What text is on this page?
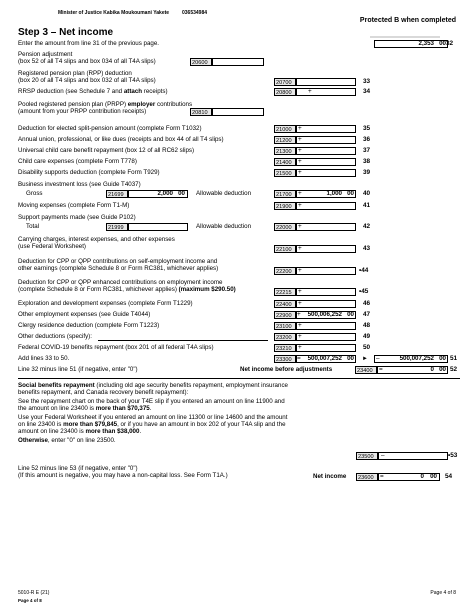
Minister of Justice Kabika Moukoumani Yakete	036534984
Protected B when completed
Step 3 – Net income
Enter the amount from line 31 of the previous page.	2,353 00 32
Pension adjustment
(box 52 of all T4 slips and box 034 of all T4A slips)	20600
Registered pension plan (RPP) deduction
(box 20 of all T4 slips and box 032 of all T4A slips)	20700	33
RRSP deduction (see Schedule 7 and attach receipts)	20800	+	34
Pooled registered pension plan (PRPP) employer contributions
(amount from your PRPP contribution receipts)	20810
Deduction for elected split-pension amount (complete Form T1032)	21000	+	35
Annual union, professional, or like dues (receipts and box 44 of all T4 slips)	21200	+	36
Universal child care benefit repayment (box 12 of all RC62 slips)	21300	+	37
Child care expenses (complete Form T778)	21400	+	38
Disability supports deduction (complete Form T929)	21500	+	39
Business investment loss (see Guide T4037)
Gross	21699	2,000 00 Allowable deduction	21700	+	1,000 00 40
Moving expenses (complete Form T1-M)	21900	+	41
Support payments made (see Guide P102)
Total	21999	Allowable deduction	22000	+	42
Carrying charges, interest expenses, and other expenses
(use Federal Worksheet)	22100	+	43
Deduction for CPP or QPP contributions on self-employment income and
other earnings (complete Schedule 8 or Form RC381, whichever applies)	22200	+	•44
Deduction for CPP or QPP enhanced contributions on employment income
(complete Schedule 8 or Form RC381, whichever applies) (maximum $290.50)	22215	+	•45
Exploration and development expenses (complete Form T1229)	22400	+	46
Other employment expenses (see Guide T4044)	22900 +	500,006,252 00 47
Clergy residence deduction (complete Form T1223)	23100	+	48
Other deductions (specify):	23200	+	49
Federal COVID-19 benefits repayment (box 201 of all federal T4A slips)	23210	+	50
Add lines 33 to 50.	23300 =	500,007,252 00 ► –	500,007,252 00 51
Line 32 minus line 51 (if negative, enter "0")	Net income before adjustments	23400	=	0 00 52
Social benefits repayment (including old age security benefits repayment, employment insurance
benefits repayment, and Canada recovery benefit repayment):
See the repayment chart on the back of your T4E slip if you entered an amount on line 11900 and
the amount on line 23400 is more than $70,375.
Use your Federal Worksheet if you entered an amount on line 11300 or line 14600 and the amount
on line 23400 is more than $79,845, or if you have an amount in box 202 of your T4A slip and the
amount on line 23400 is more than $38,000.
Otherwise, enter "0" on line 23500.
23500	–	•53
Line 52 minus line 53 (if negative, enter "0")
(If this amount is negative, you may have a non-capital loss. See Form T1A.)	Net income	23600	=	0 00 54
5010-R E (21)
Page 4 of 8
Page 4 of 8
